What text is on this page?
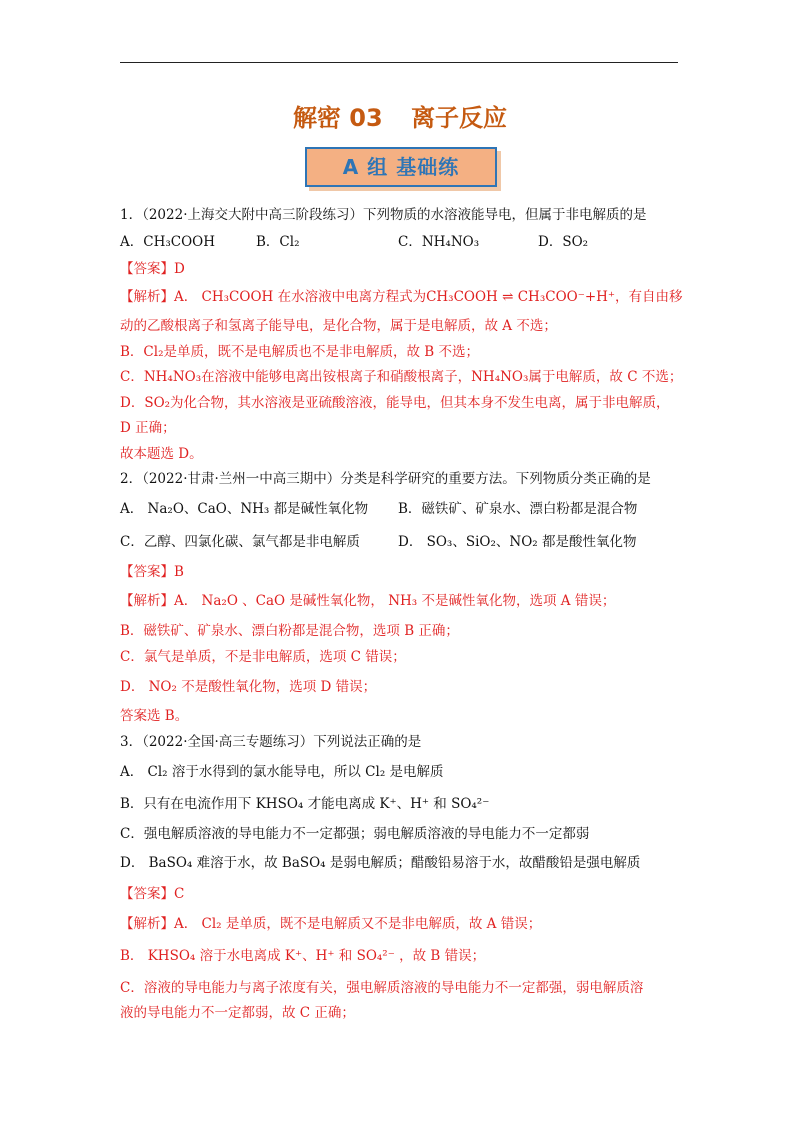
解密 03 离子反应
A 组 基础练
1．（2022·上海交大附中高三阶段练习）下列物质的水溶液能导电，但属于非电解质的是
A．CH₃COOH	B．Cl₂	C．NH₄NO₃	D．SO₂
【答案】D
【解析】A． CH₃COOH 在水溶液中电离方程式为CH₃COOH ⇌ CH₃COO⁻+H⁺，有自由移
动的乙酸根离子和氢离子能导电，是化合物，属于是电解质，故 A 不选；
B．Cl₂是单质，既不是电解质也不是非电解质，故 B 不选；
C．NH₄NO₃在溶液中能够电离出铵根离子和硝酸根离子，NH₄NO₃属于电解质，故 C 不选；
D．SO₂为化合物，其水溶液是亚硫酸溶液，能导电，但其本身不发生电离，属于非电解质，
D 正确；
故本题选 D。
2．（2022·甘肃·兰州一中高三期中）分类是科学研究的重要方法。下列物质分类正确的是
A． Na₂O、CaO、NH₃ 都是碱性氧化物 B．磁铁矿、矿泉水、漂白粉都是混合物
C．乙醇、四氯化碳、氯气都是非电解质	D． SO₃、SiO₂、NO₂ 都是酸性氧化物
【答案】B
【解析】A． Na₂O 、CaO 是碱性氧化物， NH₃ 不是碱性氧化物，选项 A 错误；
B．磁铁矿、矿泉水、漂白粉都是混合物，选项 B 正确；
C．氯气是单质，不是非电解质，选项 C 错误；
D． NO₂ 不是酸性氧化物，选项 D 错误；
答案选 B。
3．（2022·全国·高三专题练习）下列说法正确的是
A． Cl₂ 溶于水得到的氯水能导电，所以 Cl₂ 是电解质
B．只有在电流作用下 KHSO₄ 才能电离成 K⁺、H⁺ 和 SO₄²⁻
C．强电解质溶液的导电能力不一定都强；弱电解质溶液的导电能力不一定都弱
D． BaSO₄ 难溶于水，故 BaSO₄ 是弱电解质；醋酸铅易溶于水，故醋酸铅是强电解质
【答案】C
【解析】A． Cl₂ 是单质，既不是电解质又不是非电解质，故 A 错误；
B． KHSO₄ 溶于水电离成 K⁺、H⁺ 和 SO₄²⁻ ，故 B 错误；
C．溶液的导电能力与离子浓度有关，强电解质溶液的导电能力不一定都强，弱电解质溶
液的导电能力不一定都弱，故 C 正确；
